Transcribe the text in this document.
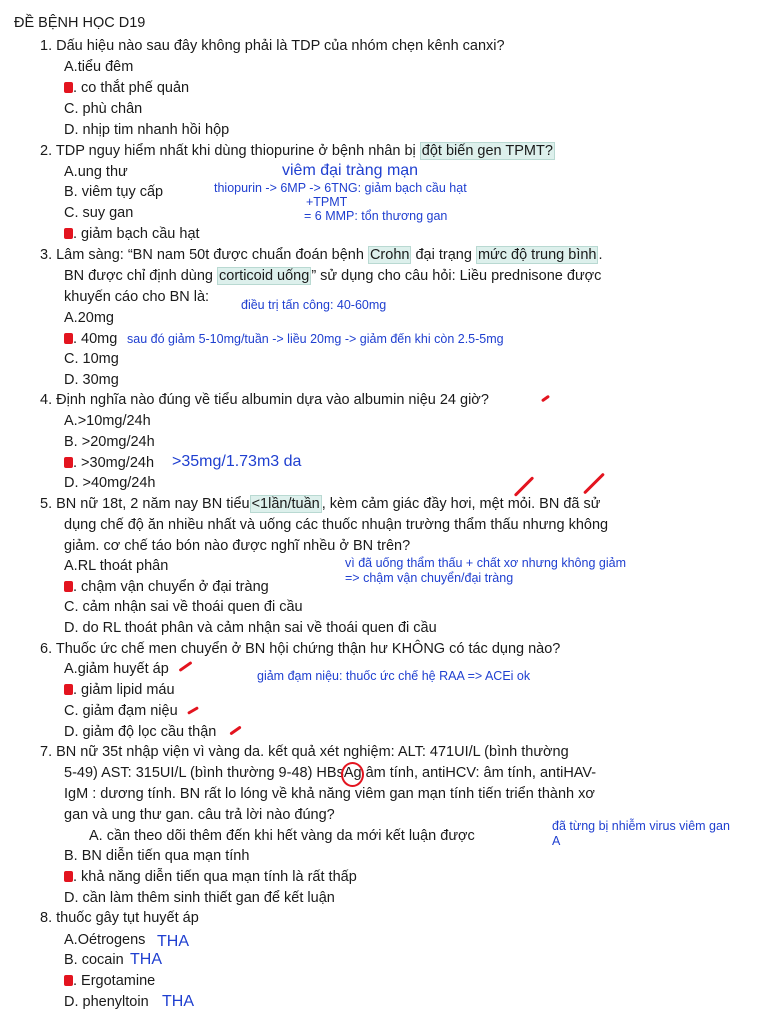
ĐỀ BỆNH HỌC D19
1. Dấu hiệu nào sau đây không phải là TDP của nhóm chẹn kênh canxi?
A.tiểu đêm
. co thắt phế quản
C. phù chân
D. nhịp tim nhanh hồi hộp
2. TDP nguy hiểm nhất khi dùng thiopurine ở bệnh nhân bị đột biến gen TPMT?
A.ung thư	viêm đại tràng mạn
B. viêm tụy cấp	thiopurin -> 6MP -> 6TNG: giảm bạch cầu hạt
+TPMT
C. suy gan	= 6 MMP: tổn thương gan
. giảm bạch cầu hạt
3. Lâm sàng: “BN nam 50t được chuẩn đoán bệnh Crohn đại trạng mức độ trung bình .
BN được chỉ định dùng corticoid uống ” sử dụng cho câu hỏi: Liều prednisone được
khuyến cáo cho BN là:	điều trị tấn công: 40-60mg
A.20mg
. 40mg sau đó giảm 5-10mg/tuần -> liều 20mg -> giảm đến khi còn 2.5-5mg
C. 10mg
D. 30mg
4. Định nghĩa nào đúng về tiểu albumin dựa vào albumin niệu 24 giờ?
A.>10mg/24h
B. >20mg/24h
. >30mg/24h >35mg/1.73m3 da
D. >40mg/24h
5. BN nữ 18t, 2 năm nay BN tiểu <1lần/tuần , kèm cảm giác đầy hơi, mệt mỏi. BN đã sử
dụng chế độ ăn nhiều nhất và uống các thuốc nhuận trường thẩm thấu nhưng không
giảm. cơ chế táo bón nào được nghĩ nhều ở BN trên?
A.RL thoát phân	vì đã uống thẩm thấu + chất xơ nhưng không giảm
. chậm vận chuyển ở đại tràng
=> chậm vận chuyển/đại tràng
C. cảm nhận sai về thoái quen đi cầu
D. do RL thoát phân và cảm nhận sai về thoái quen đi cầu
6. Thuốc ức chế men chuyển ở BN hội chứng thận hư KHÔNG có tác dụng nào?
A.giảm huyết áp	giảm đạm niệu: thuốc ức chế hệ RAA => ACEi ok
. giảm lipid máu
C. giảm đạm niệu
D. giảm độ lọc cầu thận
7. BN nữ 35t nhập viện vì vàng da. kết quả xét nghiệm: ALT: 471UI/L (bình thường
5-49) AST: 315UI/L (bình thường 9-48) HBsAg
âm tính, antiHCV: âm tính, antiHAV-
IgM : dương tính. BN rất lo lóng về khả năng viêm gan mạn tính tiến triển thành xơ
gan và ung thư gan. câu trả lời nào đúng?
A. cần theo dõi thêm đến khi hết vàng da mới kết luận được
đã từng bị nhiễm virus viêm gan
A
B. BN diễn tiến qua mạn tính
. khả năng diễn tiến qua mạn tính là rất thấp
D. cần làm thêm sinh thiết gan để kết luận
8. thuốc gây tụt huyết áp
A.Oétrogens THA
B. cocain THA
. Ergotamine
D. phenyltoin THA
